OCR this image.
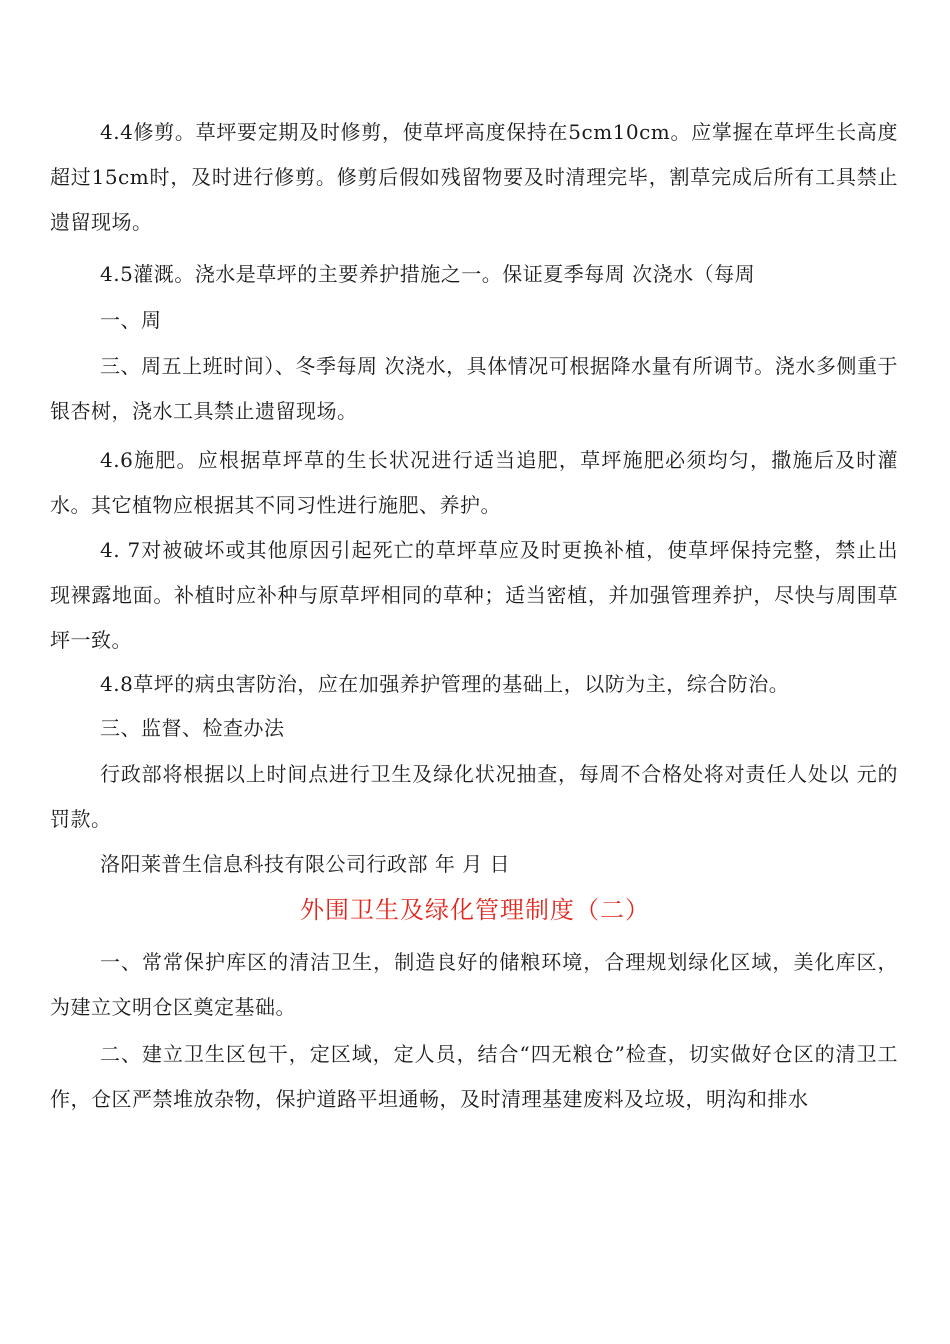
4.4修剪。草坪要定期及时修剪，使草坪高度保持在5cm10cm。应掌握在草坪生长高度超过15cm时，及时进行修剪。修剪后假如残留物要及时清理完毕，割草完成后所有工具禁止遗留现场。

4.5灌溉。浇水是草坪的主要养护措施之一。保证夏季每周 次浇水（每周

一、周

三、周五上班时间）、冬季每周 次浇水，具体情况可根据降水量有所调节。浇水多侧重于银杏树，浇水工具禁止遗留现场。

4.6施肥。应根据草坪草的生长状况进行适当追肥，草坪施肥必须均匀，撒施后及时灌水。其它植物应根据其不同习性进行施肥、养护。

4. 7对被破坏或其他原因引起死亡的草坪草应及时更换补植，使草坪保持完整，禁止出现裸露地面。补植时应补种与原草坪相同的草种；适当密植，并加强管理养护，尽快与周围草坪一致。

4.8草坪的病虫害防治，应在加强养护管理的基础上，以防为主，综合防治。

三、监督、检查办法

行政部将根据以上时间点进行卫生及绿化状况抽查，每周不合格处将对责任人处以 元的罚款。

洛阳莱普生信息科技有限公司行政部 年 月 日

外围卫生及绿化管理制度（二）

一、常常保护库区的清洁卫生，制造良好的储粮环境，合理规划绿化区域，美化库区，为建立文明仓区奠定基础。

二、建立卫生区包干，定区域，定人员，结合“四无粮仓”检查，切实做好仓区的清卫工作，仓区严禁堆放杂物，保护道路平坦通畅，及时清理基建废料及垃圾，明沟和排水
